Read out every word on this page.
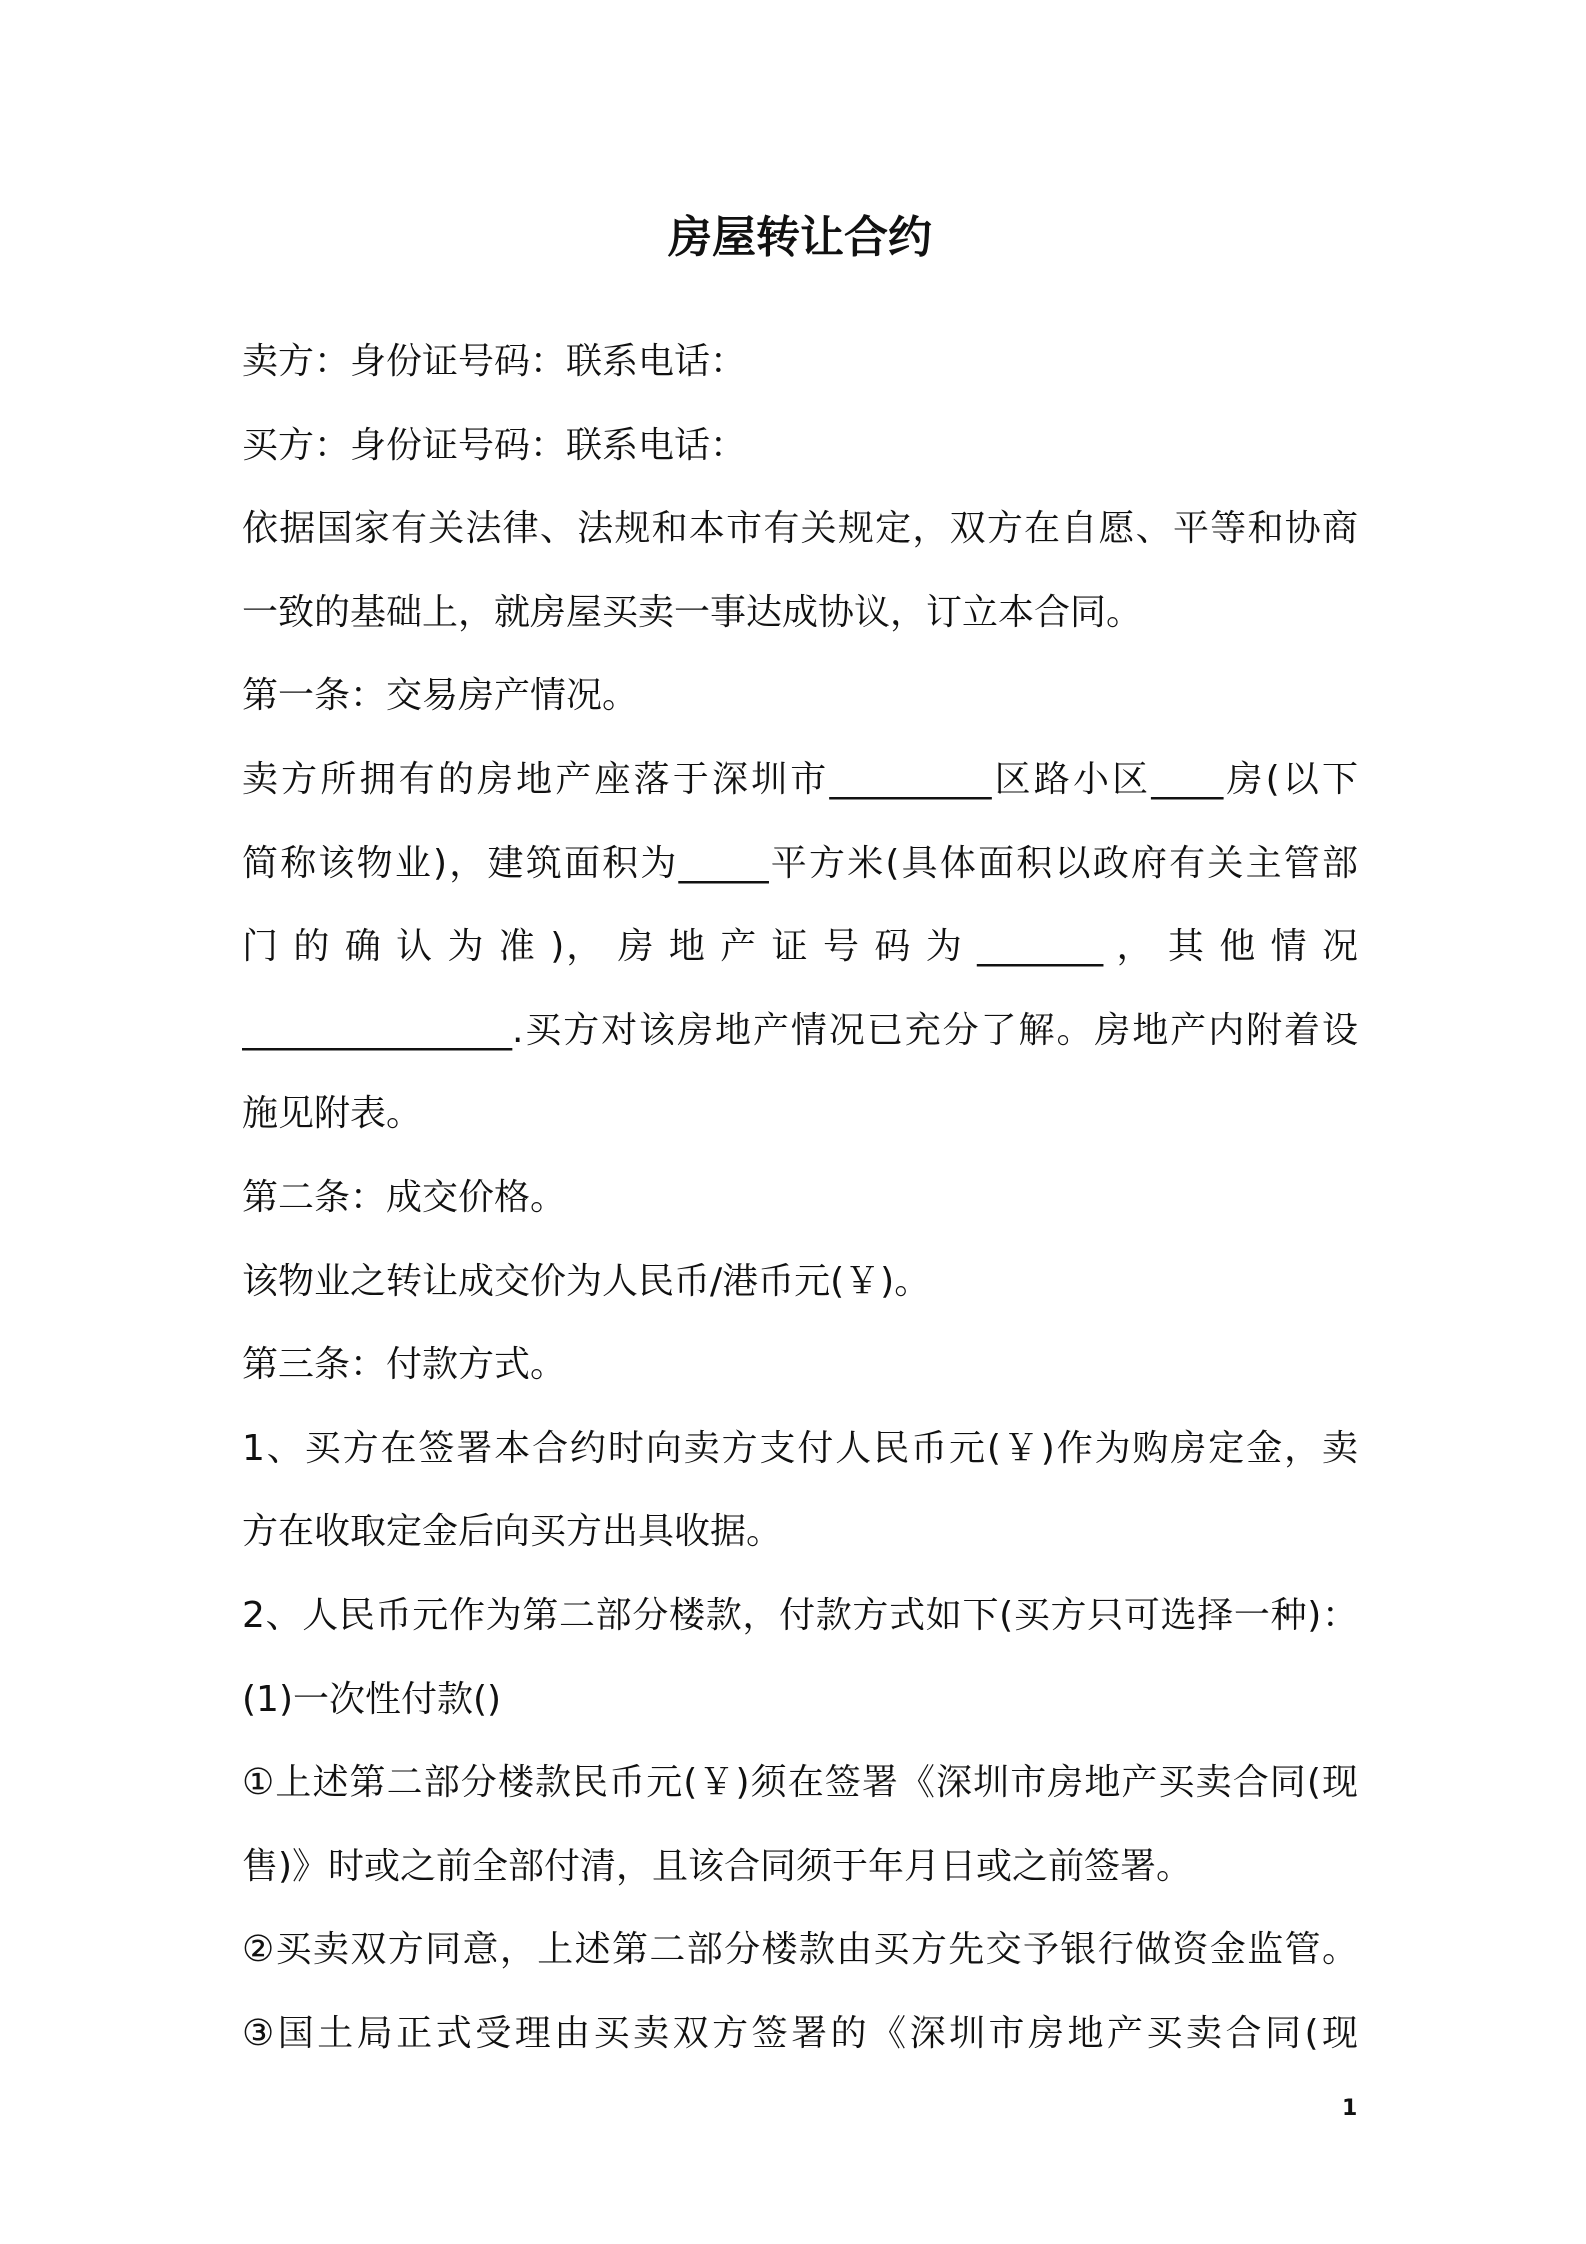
房屋转让合约
卖方：身份证号码：联系电话：
买方：身份证号码：联系电话：
依据国家有关法律、法规和本市有关规定，双方在自愿、平等和协商
一致的基础上，就房屋买卖一事达成协议，订立本合同。
第一条：交易房产情况。
卖方所拥有的房地产座落于深圳市_________区路小区____房(以下
简称该物业)，建筑面积为_____平方米(具体面积以政府有关主管部
门 的 确 认 为 准 )， 房 地 产 证 号 码 为 _______ ， 其 他 情 况
_______________.买方对该房地产情况已充分了解。房地产内附着设
施见附表。
第二条：成交价格。
该物业之转让成交价为人民币/港币元(￥)。
第三条：付款方式。
1、买方在签署本合约时向卖方支付人民币元(￥)作为购房定金，卖
方在收取定金后向买方出具收据。
2、人民币元作为第二部分楼款，付款方式如下(买方只可选择一种)：
(1)一次性付款()
①上述第二部分楼款民币元(￥)须在签署《深圳市房地产买卖合同(现
售)》时或之前全部付清，且该合同须于年月日或之前签署。
②买卖双方同意，上述第二部分楼款由买方先交予银行做资金监管。
③国土局正式受理由买卖双方签署的《深圳市房地产买卖合同(现
1
